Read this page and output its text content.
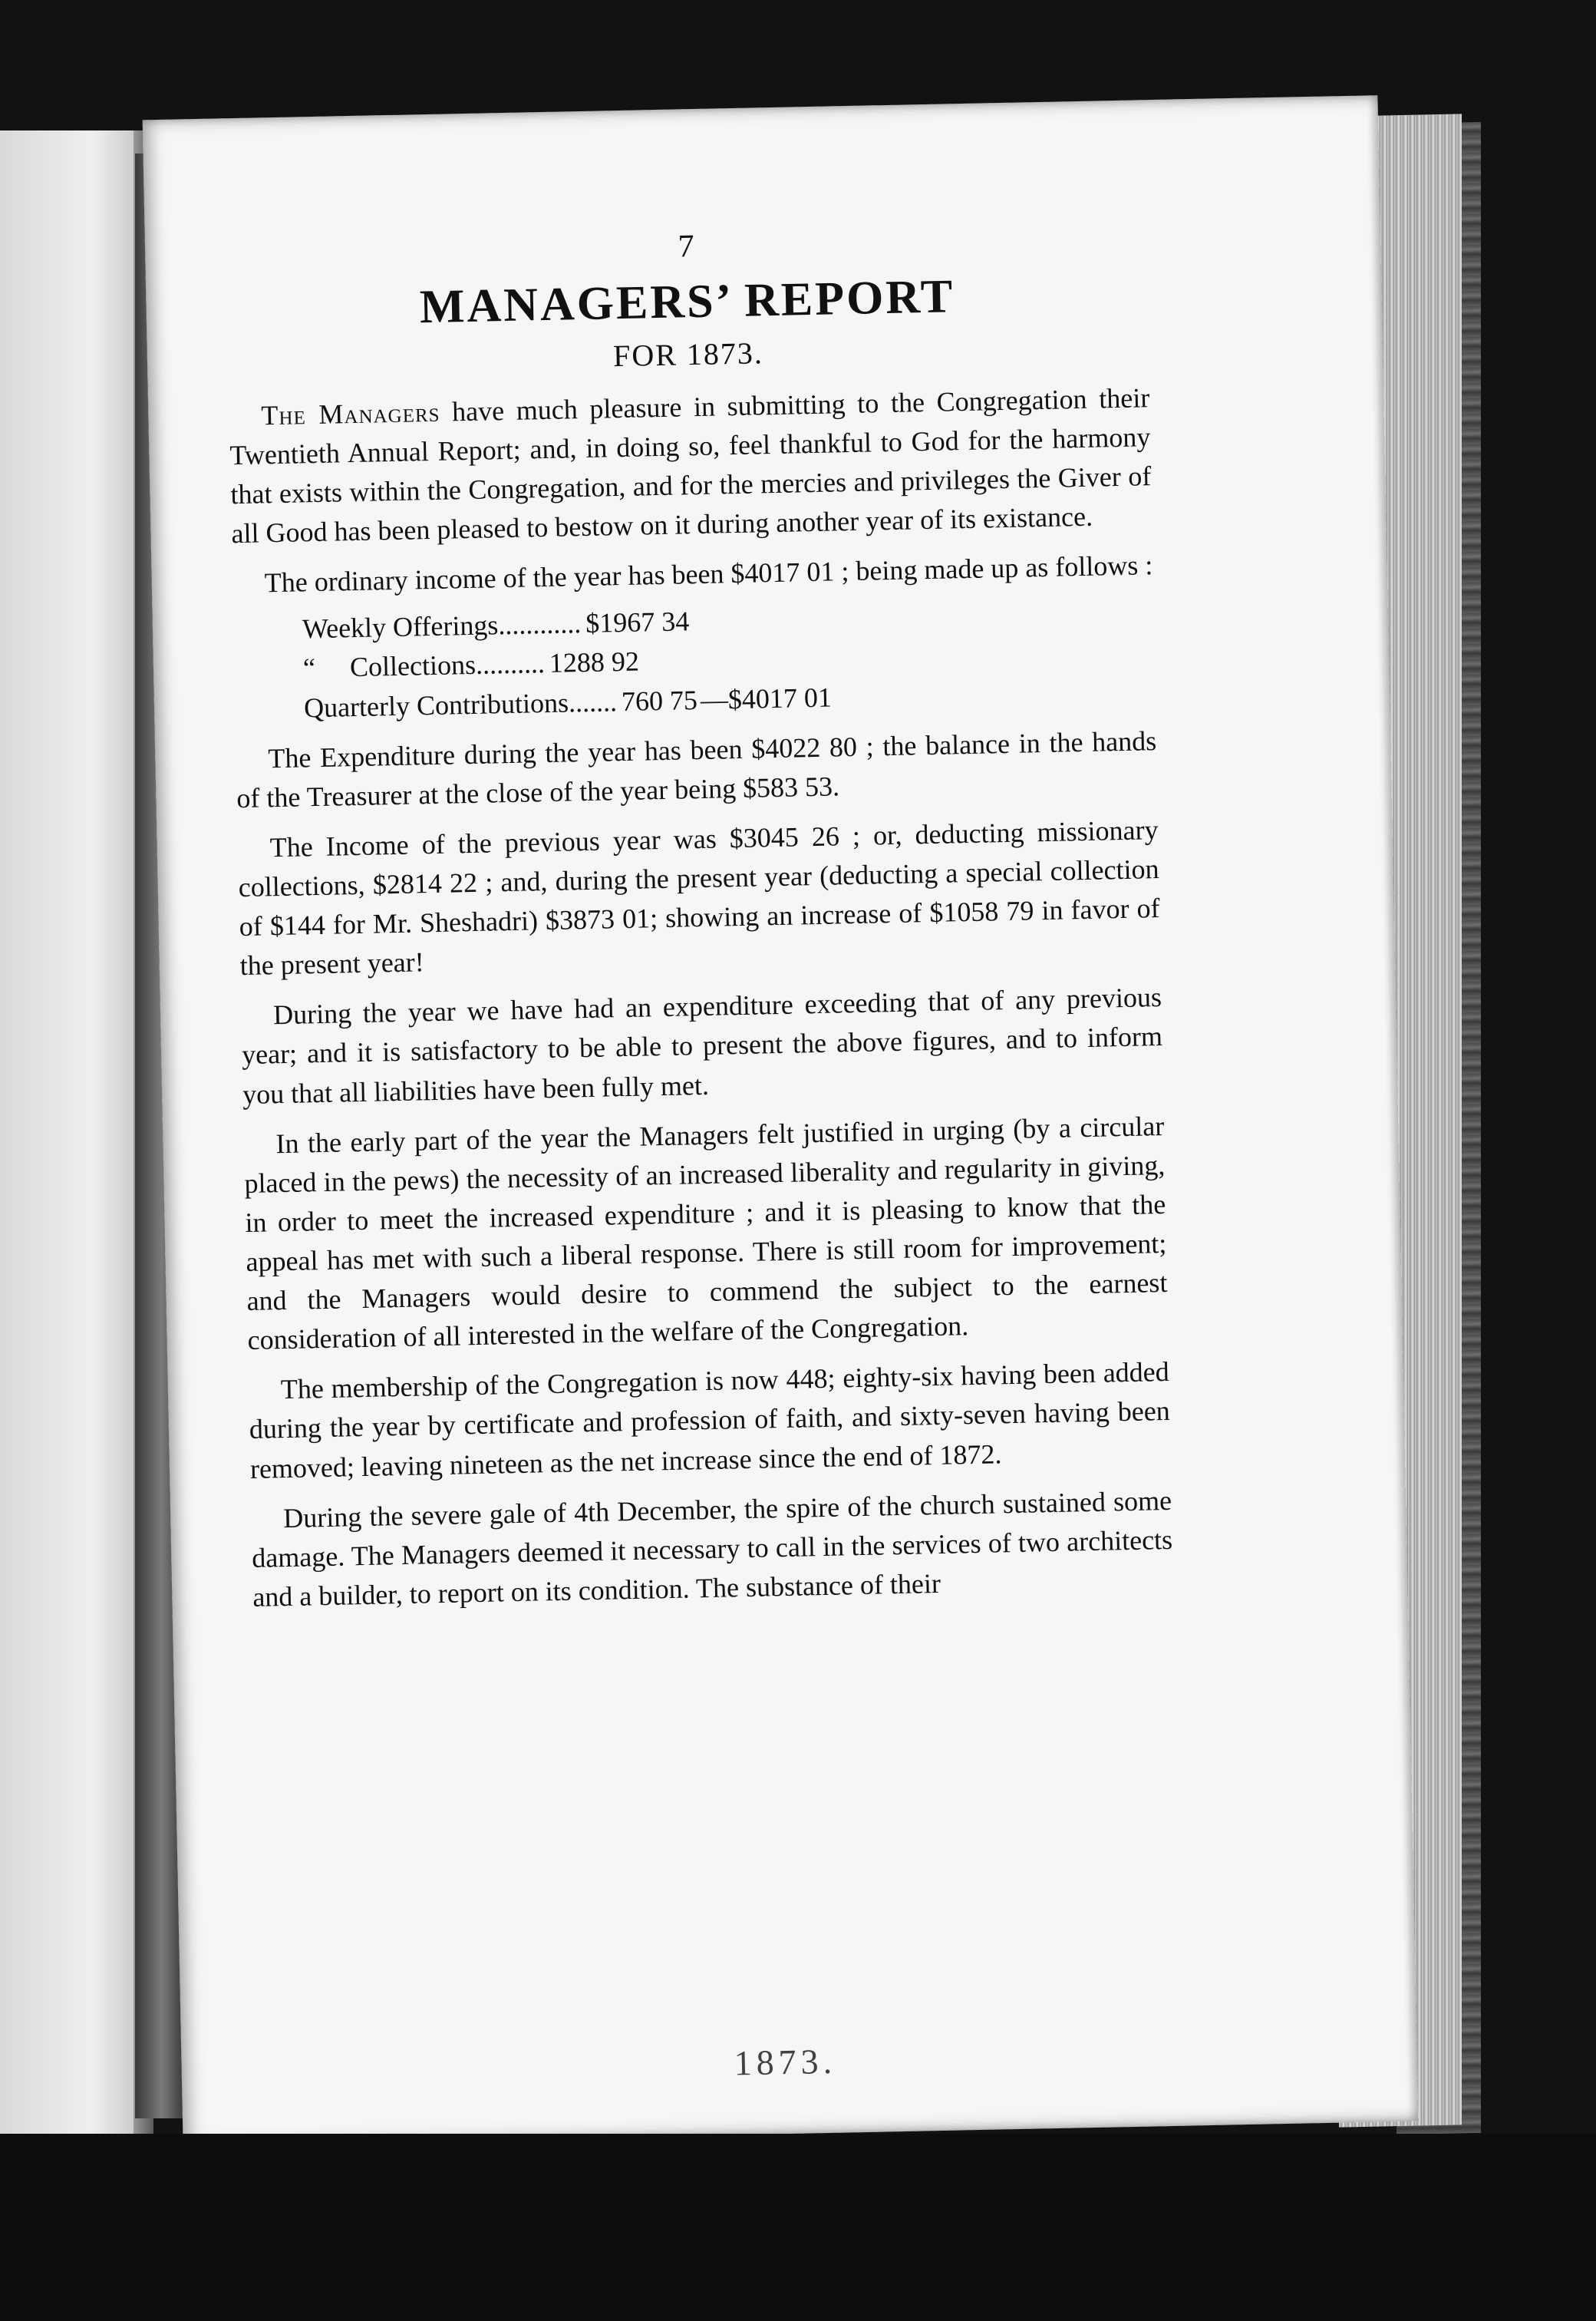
7
MANAGERS’ REPORT
FOR 1873.

The Managers have much pleasure in submitting to the Congregation their Twentieth Annual Report; and, in doing so, feel thankful to God for the harmony that exists within the Congregation, and for the mercies and privileges the Giver of all Good has been pleased to bestow on it during another year of its existance.

The ordinary income of the year has been $4017 01 ; being made up as follows :

Weekly Offerings............ $1967 34
“     Collections.......... 1288 92
Quarterly Contributions....... 760 75 —$4017 01

The Expenditure during the year has been $4022 80 ; the balance in the hands of the Treasurer at the close of the year being $583 53.

The Income of the previous year was $3045 26 ; or, deducting missionary collections, $2814 22 ; and, during the present year (deducting a special collection of $144 for Mr. Sheshadri) $3873 01; showing an increase of $1058 79 in favor of the present year!

During the year we have had an expenditure exceeding that of any previous year; and it is satisfactory to be able to present the above figures, and to inform you that all liabilities have been fully met.

In the early part of the year the Managers felt justified in urging (by a circular placed in the pews) the necessity of an increased liberality and regularity in giving, in order to meet the increased expenditure ; and it is pleasing to know that the appeal has met with such a liberal response. There is still room for improvement; and the Managers would desire to commend the subject to the earnest consideration of all interested in the welfare of the Congregation.

The membership of the Congregation is now 448; eighty-six having been added during the year by certificate and profession of faith, and sixty-seven having been removed; leaving nineteen as the net increase since the end of 1872.

During the severe gale of 4th December, the spire of the church sustained some damage. The Managers deemed it necessary to call in the services of two architects and a builder, to report on its condition. The substance of their

1873.
